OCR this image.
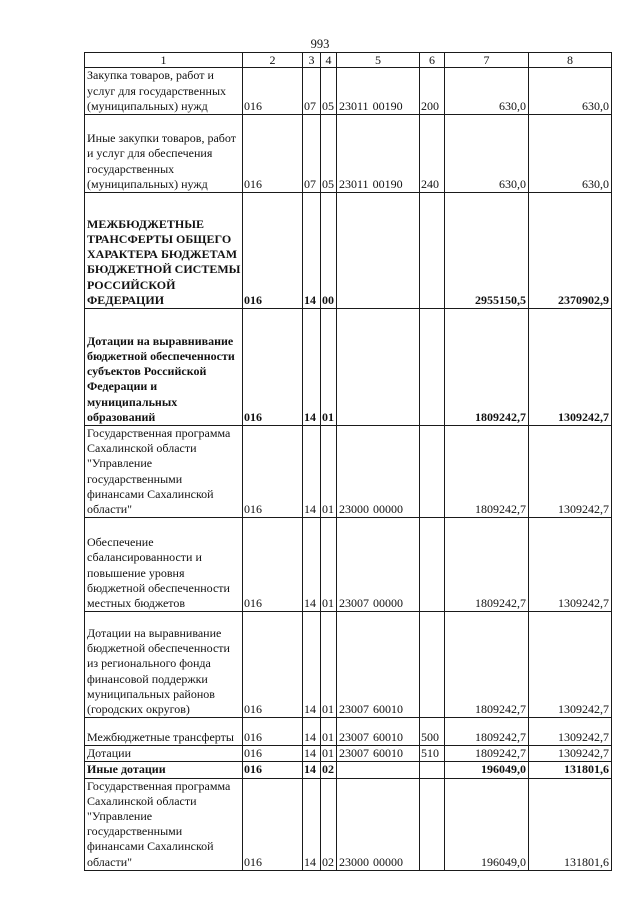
993
1	2	3	4	5	6	7	8
Закупка товаров, работ и услуг для государственных (муниципальных) нужд	016	07	05	23011 00190	200	630,0	630,0
Иные закупки товаров, работ и услуг для обеспечения государственных (муниципальных) нужд	016	07	05	23011 00190	240	630,0	630,0
МЕЖБЮДЖЕТНЫЕ ТРАНСФЕРТЫ ОБЩЕГО ХАРАКТЕРА БЮДЖЕТАМ БЮДЖЕТНОЙ СИСТЕМЫ РОССИЙСКОЙ ФЕДЕРАЦИИ	016	14	00			2955150,5	2370902,9
Дотации на выравнивание бюджетной обеспеченности субъектов Российской Федерации и муниципальных образований	016	14	01			1809242,7	1309242,7
Государственная программа Сахалинской области "Управление государственными финансами Сахалинской области"	016	14	01	23000 00000		1809242,7	1309242,7
Обеспечение сбалансированности и повышение уровня бюджетной обеспеченности местных бюджетов	016	14	01	23007 00000		1809242,7	1309242,7
Дотации на выравнивание бюджетной обеспеченности из регионального фонда финансовой поддержки муниципальных районов (городских округов)	016	14	01	23007 60010		1809242,7	1309242,7
Межбюджетные трансферты	016	14	01	23007 60010	500	1809242,7	1309242,7
Дотации	016	14	01	23007 60010	510	1809242,7	1309242,7
Иные дотации	016	14	02			196049,0	131801,6
Государственная программа Сахалинской области "Управление государственными финансами Сахалинской области"	016	14	02	23000 00000		196049,0	131801,6
